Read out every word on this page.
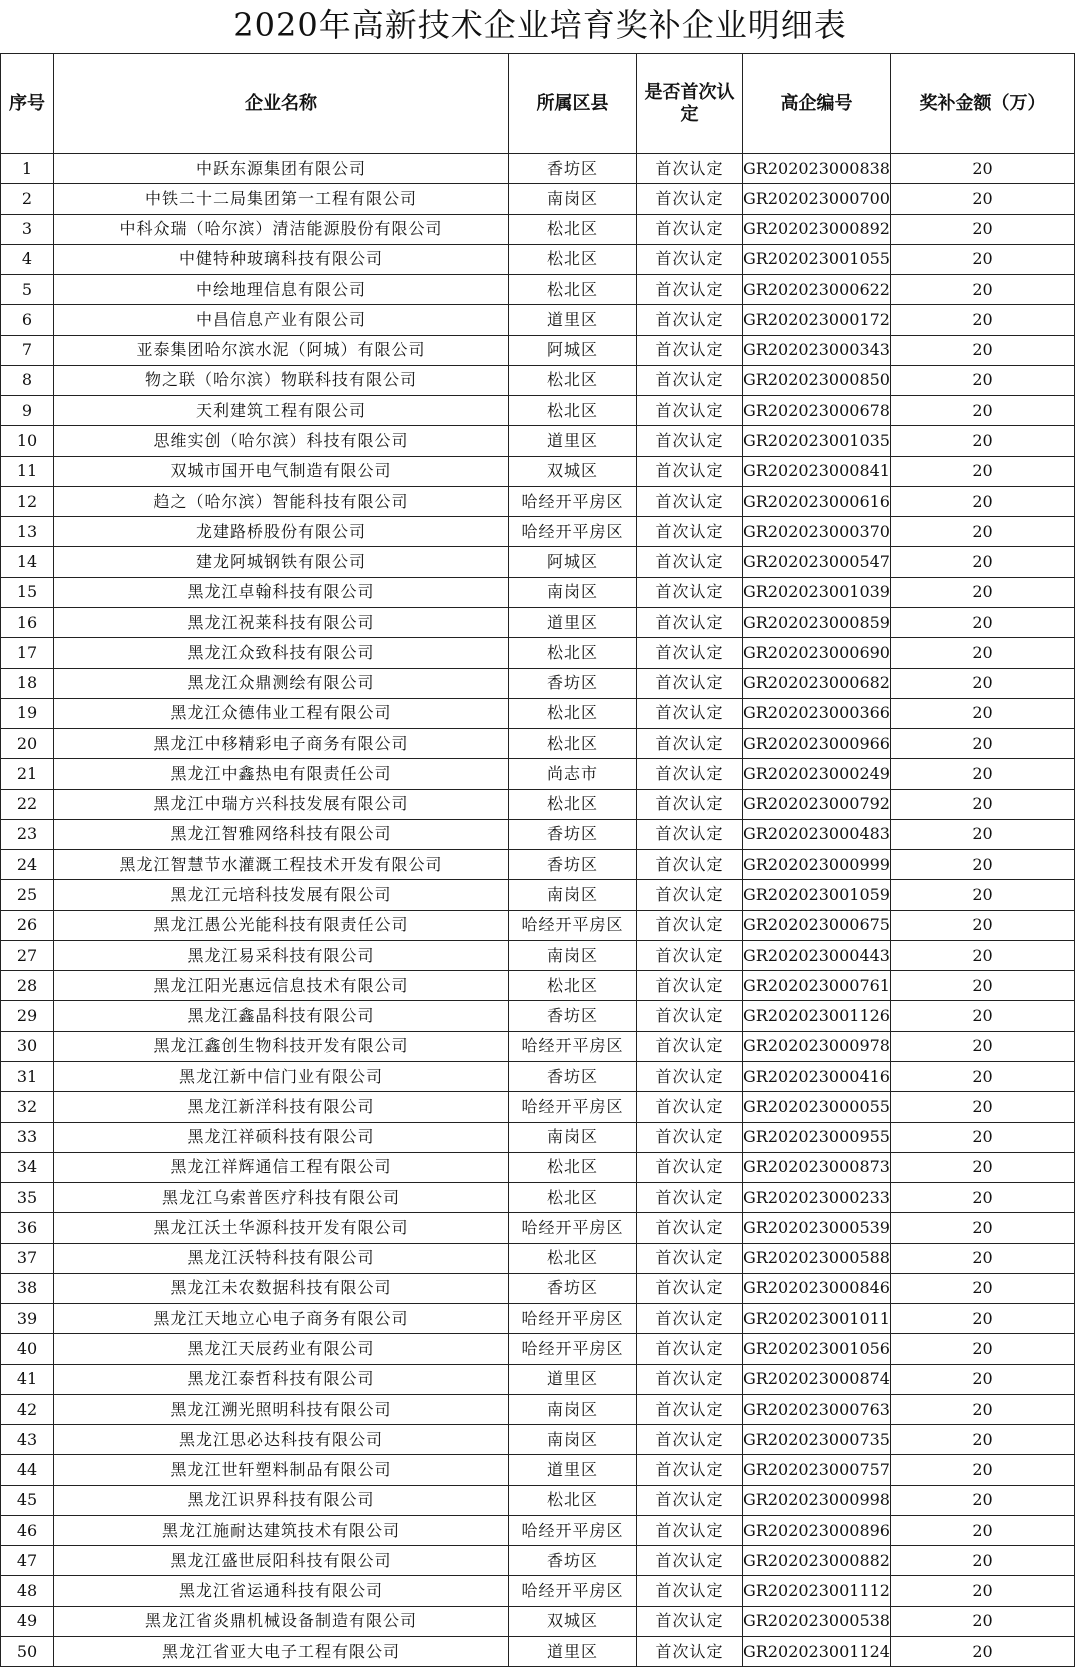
2020年高新技术企业培育奖补企业明细表
序号	企业名称	所属区县	是否首次认定	高企编号	奖补金额（万）
1	中跃东源集团有限公司	香坊区	首次认定	GR202023000838	20
2	中铁二十二局集团第一工程有限公司	南岗区	首次认定	GR202023000700	20
3	中科众瑞（哈尔滨）清洁能源股份有限公司	松北区	首次认定	GR202023000892	20
4	中健特种玻璃科技有限公司	松北区	首次认定	GR202023001055	20
5	中绘地理信息有限公司	松北区	首次认定	GR202023000622	20
6	中昌信息产业有限公司	道里区	首次认定	GR202023000172	20
7	亚泰集团哈尔滨水泥（阿城）有限公司	阿城区	首次认定	GR202023000343	20
8	物之联（哈尔滨）物联科技有限公司	松北区	首次认定	GR202023000850	20
9	天利建筑工程有限公司	松北区	首次认定	GR202023000678	20
10	思维实创（哈尔滨）科技有限公司	道里区	首次认定	GR202023001035	20
11	双城市国开电气制造有限公司	双城区	首次认定	GR202023000841	20
12	趋之（哈尔滨）智能科技有限公司	哈经开平房区	首次认定	GR202023000616	20
13	龙建路桥股份有限公司	哈经开平房区	首次认定	GR202023000370	20
14	建龙阿城钢铁有限公司	阿城区	首次认定	GR202023000547	20
15	黑龙江卓翰科技有限公司	南岗区	首次认定	GR202023001039	20
16	黑龙江祝莱科技有限公司	道里区	首次认定	GR202023000859	20
17	黑龙江众致科技有限公司	松北区	首次认定	GR202023000690	20
18	黑龙江众鼎测绘有限公司	香坊区	首次认定	GR202023000682	20
19	黑龙江众德伟业工程有限公司	松北区	首次认定	GR202023000366	20
20	黑龙江中移精彩电子商务有限公司	松北区	首次认定	GR202023000966	20
21	黑龙江中鑫热电有限责任公司	尚志市	首次认定	GR202023000249	20
22	黑龙江中瑞方兴科技发展有限公司	松北区	首次认定	GR202023000792	20
23	黑龙江智雅网络科技有限公司	香坊区	首次认定	GR202023000483	20
24	黑龙江智慧节水灌溉工程技术开发有限公司	香坊区	首次认定	GR202023000999	20
25	黑龙江元培科技发展有限公司	南岗区	首次认定	GR202023001059	20
26	黑龙江愚公光能科技有限责任公司	哈经开平房区	首次认定	GR202023000675	20
27	黑龙江易采科技有限公司	南岗区	首次认定	GR202023000443	20
28	黑龙江阳光惠远信息技术有限公司	松北区	首次认定	GR202023000761	20
29	黑龙江鑫晶科技有限公司	香坊区	首次认定	GR202023001126	20
30	黑龙江鑫创生物科技开发有限公司	哈经开平房区	首次认定	GR202023000978	20
31	黑龙江新中信门业有限公司	香坊区	首次认定	GR202023000416	20
32	黑龙江新洋科技有限公司	哈经开平房区	首次认定	GR202023000055	20
33	黑龙江祥硕科技有限公司	南岗区	首次认定	GR202023000955	20
34	黑龙江祥辉通信工程有限公司	松北区	首次认定	GR202023000873	20
35	黑龙江乌索普医疗科技有限公司	松北区	首次认定	GR202023000233	20
36	黑龙江沃土华源科技开发有限公司	哈经开平房区	首次认定	GR202023000539	20
37	黑龙江沃特科技有限公司	松北区	首次认定	GR202023000588	20
38	黑龙江未农数据科技有限公司	香坊区	首次认定	GR202023000846	20
39	黑龙江天地立心电子商务有限公司	哈经开平房区	首次认定	GR202023001011	20
40	黑龙江天辰药业有限公司	哈经开平房区	首次认定	GR202023001056	20
41	黑龙江泰哲科技有限公司	道里区	首次认定	GR202023000874	20
42	黑龙江溯光照明科技有限公司	南岗区	首次认定	GR202023000763	20
43	黑龙江思必达科技有限公司	南岗区	首次认定	GR202023000735	20
44	黑龙江世轩塑料制品有限公司	道里区	首次认定	GR202023000757	20
45	黑龙江识界科技有限公司	松北区	首次认定	GR202023000998	20
46	黑龙江施耐达建筑技术有限公司	哈经开平房区	首次认定	GR202023000896	20
47	黑龙江盛世辰阳科技有限公司	香坊区	首次认定	GR202023000882	20
48	黑龙江省运通科技有限公司	哈经开平房区	首次认定	GR202023001112	20
49	黑龙江省炎鼎机械设备制造有限公司	双城区	首次认定	GR202023000538	20
50	黑龙江省亚大电子工程有限公司	道里区	首次认定	GR202023001124	20
